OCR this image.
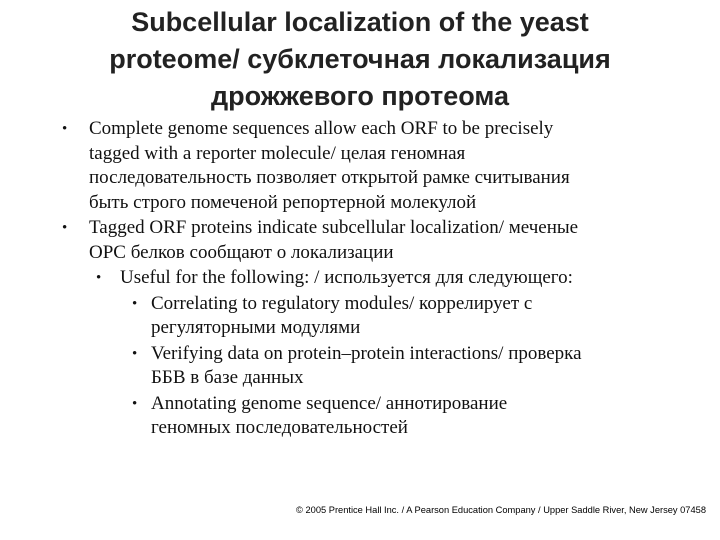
Subcellular localization of the yeast
proteome/ субклеточная локализация
дрожжевого протеома
• Complete genome sequences allow each ORF to be precisely
tagged with a reporter molecule/ целая геномная
последовательность позволяет открытой рамке считывания
быть строго помеченой репортерной молекулой
• Tagged ORF proteins indicate subcellular localization/ меченые
OPC белков сообщают о локализации
• Useful for the following: / используется для следующего:
• Correlating to regulatory modules/ коррелирует с
регуляторными модулями
• Verifying data on protein–protein interactions/ проверка
ББВ в базе данных
• Annotating genome sequence/ аннотирование
геномных последовательностей
© 2005 Prentice Hall Inc. / A Pearson Education Company / Upper Saddle River, New Jersey 07458
